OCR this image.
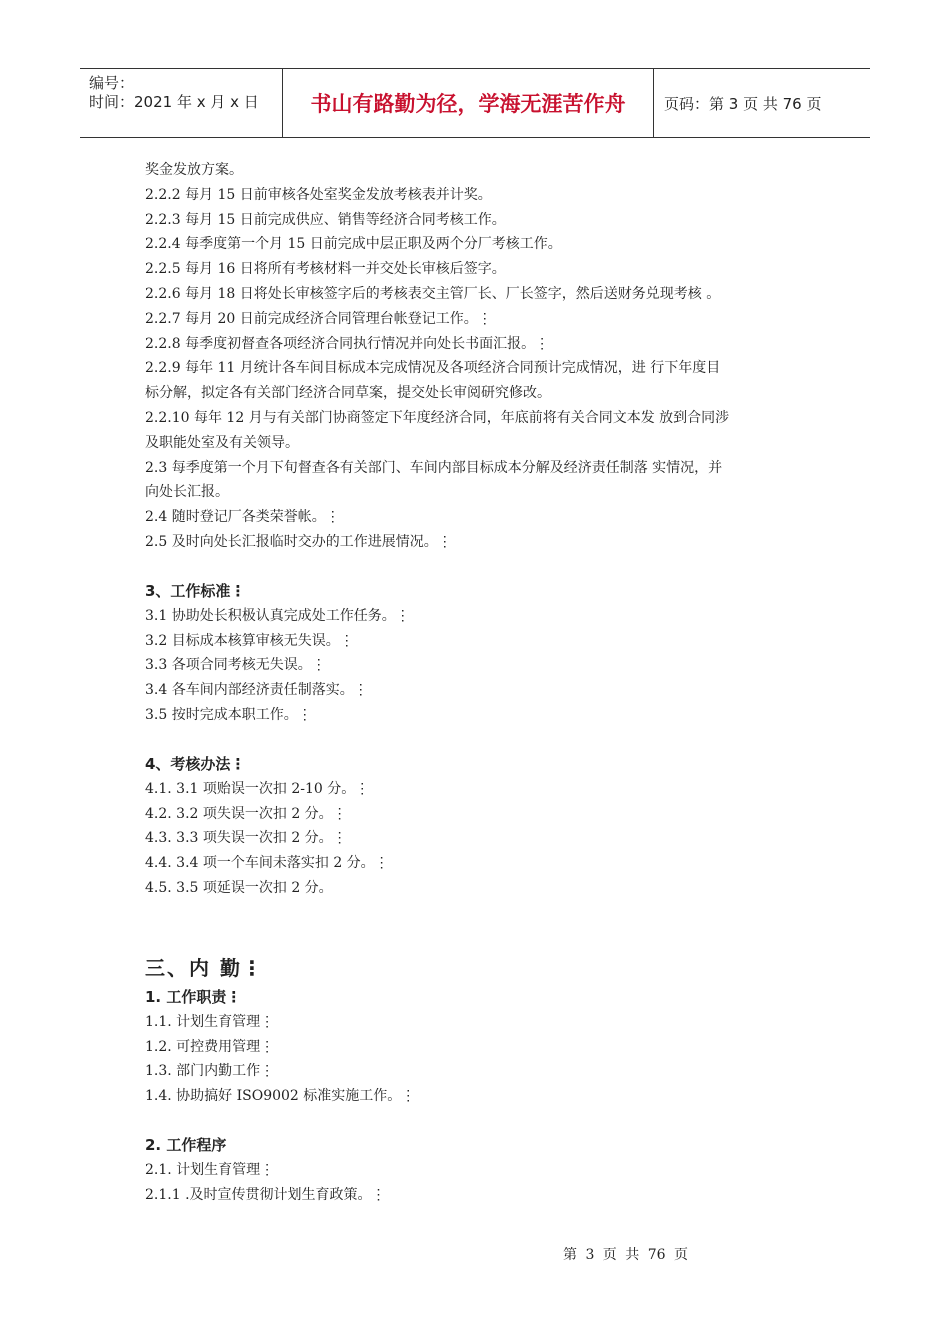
编号：
时间：2021 年 x 月 x 日	书山有路勤为径，学海无涯苦作舟	页码：第 3 页 共 76 页
奖金发放方案。
2.2.2 每月 15 日前审核各处室奖金发放考核表并计奖。
2.2.3 每月 15 日前完成供应、销售等经济合同考核工作。
2.2.4 每季度第一个月 15 日前完成中层正职及两个分厂考核工作。
2.2.5 每月 16 日将所有考核材料一并交处长审核后签字。
2.2.6 每月 18 日将处长审核签字后的考核表交主管厂长、厂长签字，然后送财务兑现考核 。
2.2.7 每月 20 日前完成经济合同管理台帐登记工作。⋮
2.2.8 每季度初督查各项经济合同执行情况并向处长书面汇报。⋮
2.2.9 每年 11 月统计各车间目标成本完成情况及各项经济合同预计完成情况，进 行下年度目
标分解，拟定各有关部门经济合同草案，提交处长审阅研究修改。
2.2.10 每年 12 月与有关部门协商签定下年度经济合同，年底前将有关合同文本发 放到合同涉
及职能处室及有关领导。
2.3 每季度第一个月下旬督查各有关部门、车间内部目标成本分解及经济责任制落 实情况，并
向处长汇报。
2.4 随时登记厂各类荣誉帐。⋮
2.5 及时向处长汇报临时交办的工作进展情况。⋮
3、工作标准⋮
3.1 协助处长积极认真完成处工作任务。⋮
3.2 目标成本核算审核无失误。⋮
3.3 各项合同考核无失误。⋮
3.4 各车间内部经济责任制落实。⋮
3.5 按时完成本职工作。⋮
4、考核办法⋮
4.1. 3.1 项贻误一次扣 2-10 分。⋮
4.2. 3.2 项失误一次扣 2 分。⋮
4.3. 3.3 项失误一次扣 2 分。⋮
4.4. 3.4 项一个车间未落实扣 2 分。⋮
4.5. 3.5 项延误一次扣 2 分。
三、内 勤⋮
1. 工作职责⋮
1.1. 计划生育管理⋮
1.2. 可控费用管理⋮
1.3. 部门内勤工作⋮
1.4. 协助搞好 ISO9002 标准实施工作。⋮
2. 工作程序
2.1. 计划生育管理⋮
2.1.1 .及时宣传贯彻计划生育政策。⋮
第 3 页 共 76 页
